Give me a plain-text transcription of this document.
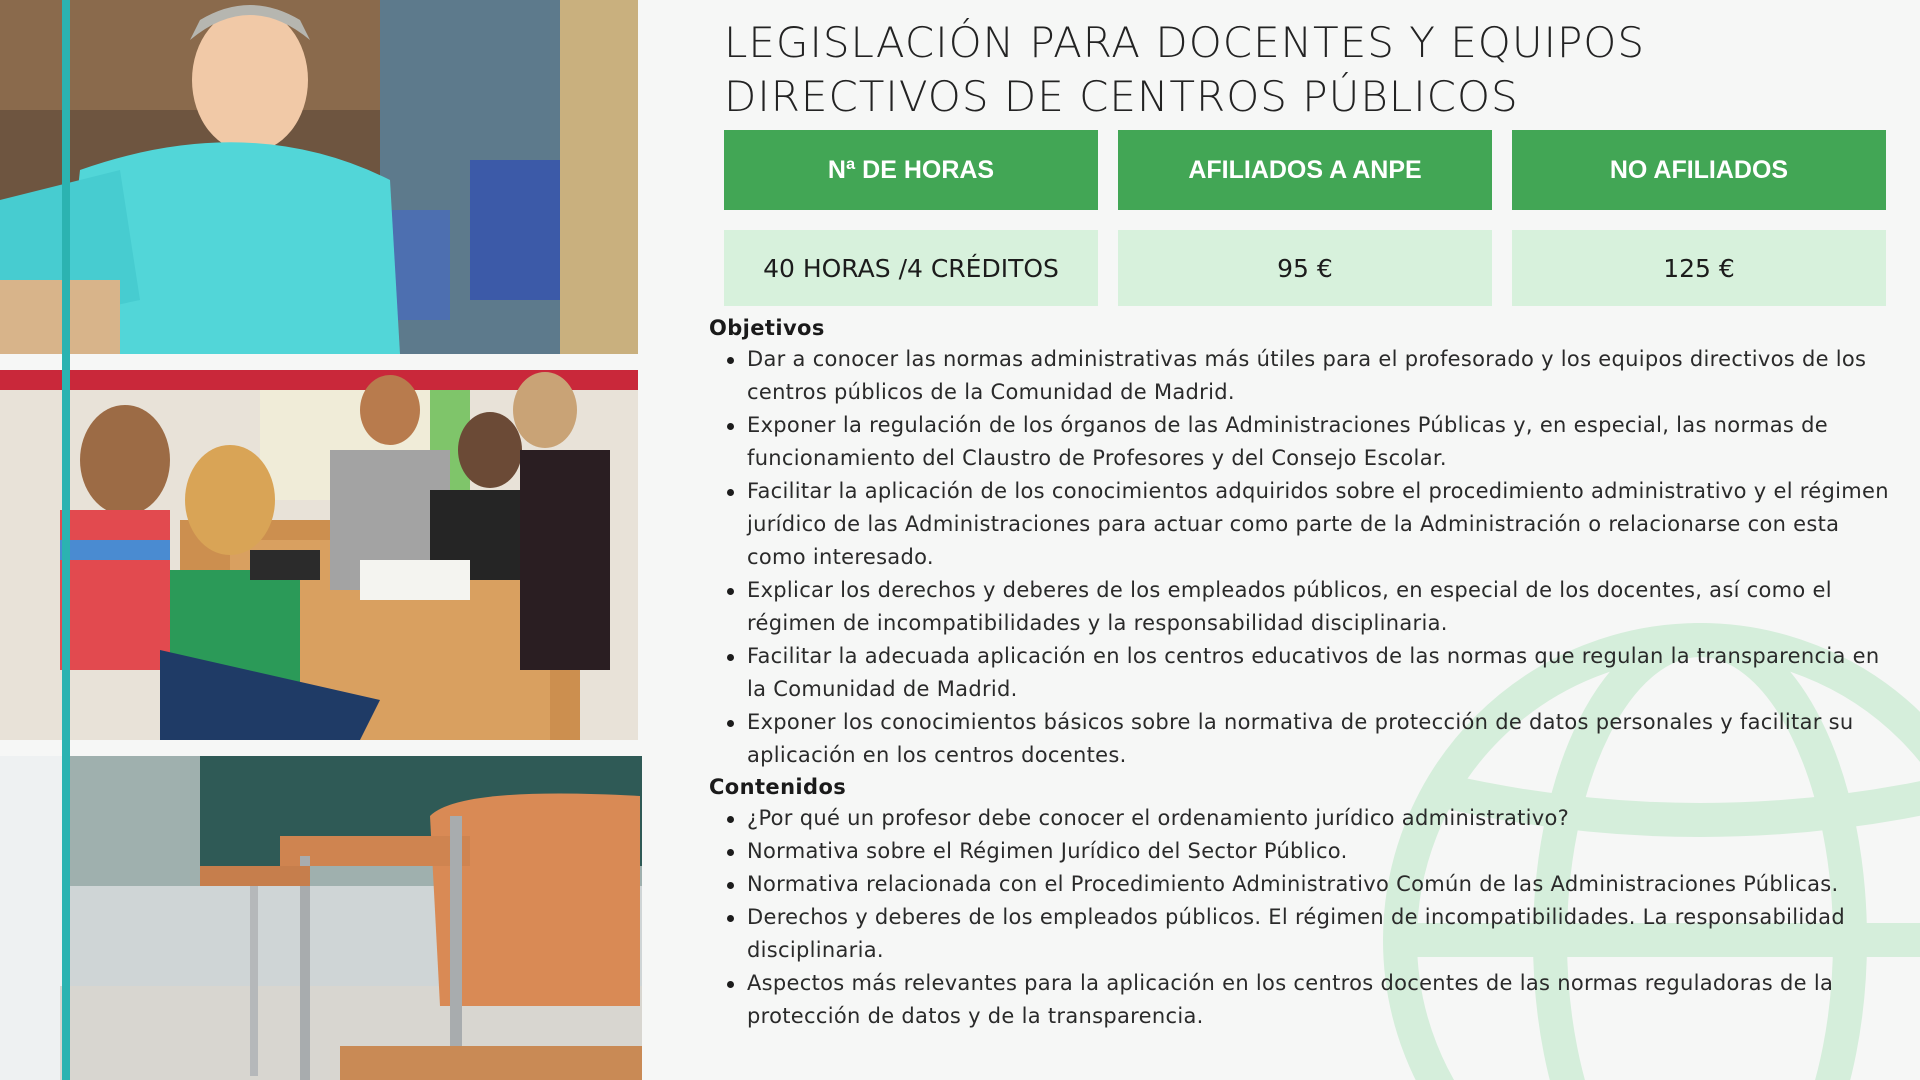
LEGISLACIÓN PARA DOCENTES Y EQUIPOS DIRECTIVOS DE CENTROS PÚBLICOS
Nª DE HORAS	AFILIADOS A ANPE	NO AFILIADOS
40 HORAS /4 CRÉDITOS	95 €	125 €
Objetivos
Dar a conocer las normas administrativas más útiles para el profesorado y los equipos directivos de los centros públicos de la Comunidad de Madrid.
Exponer la regulación de los órganos de las Administraciones Públicas y, en especial, las normas de funcionamiento del Claustro de Profesores y del Consejo Escolar.
Facilitar la aplicación de los conocimientos adquiridos sobre el procedimiento administrativo y el régimen jurídico de las Administraciones para actuar como parte de la Administración o relacionarse con esta como interesado.
Explicar los derechos y deberes de los empleados públicos, en especial de los docentes, así como el régimen de incompatibilidades y la responsabilidad disciplinaria.
Facilitar la adecuada aplicación en los centros educativos de las normas que regulan la transparencia en la Comunidad de Madrid.
Exponer los conocimientos básicos sobre la normativa de protección de datos personales y facilitar su aplicación en los centros docentes.
Contenidos
¿Por qué un profesor debe conocer el ordenamiento jurídico administrativo?
Normativa sobre el Régimen Jurídico del Sector Público.
Normativa relacionada con el Procedimiento Administrativo Común de las Administraciones Públicas.
Derechos y deberes de los empleados públicos. El régimen de incompatibilidades. La responsabilidad disciplinaria.
Aspectos más relevantes para la aplicación en los centros docentes de las normas reguladoras de la protección de datos y de la transparencia.
